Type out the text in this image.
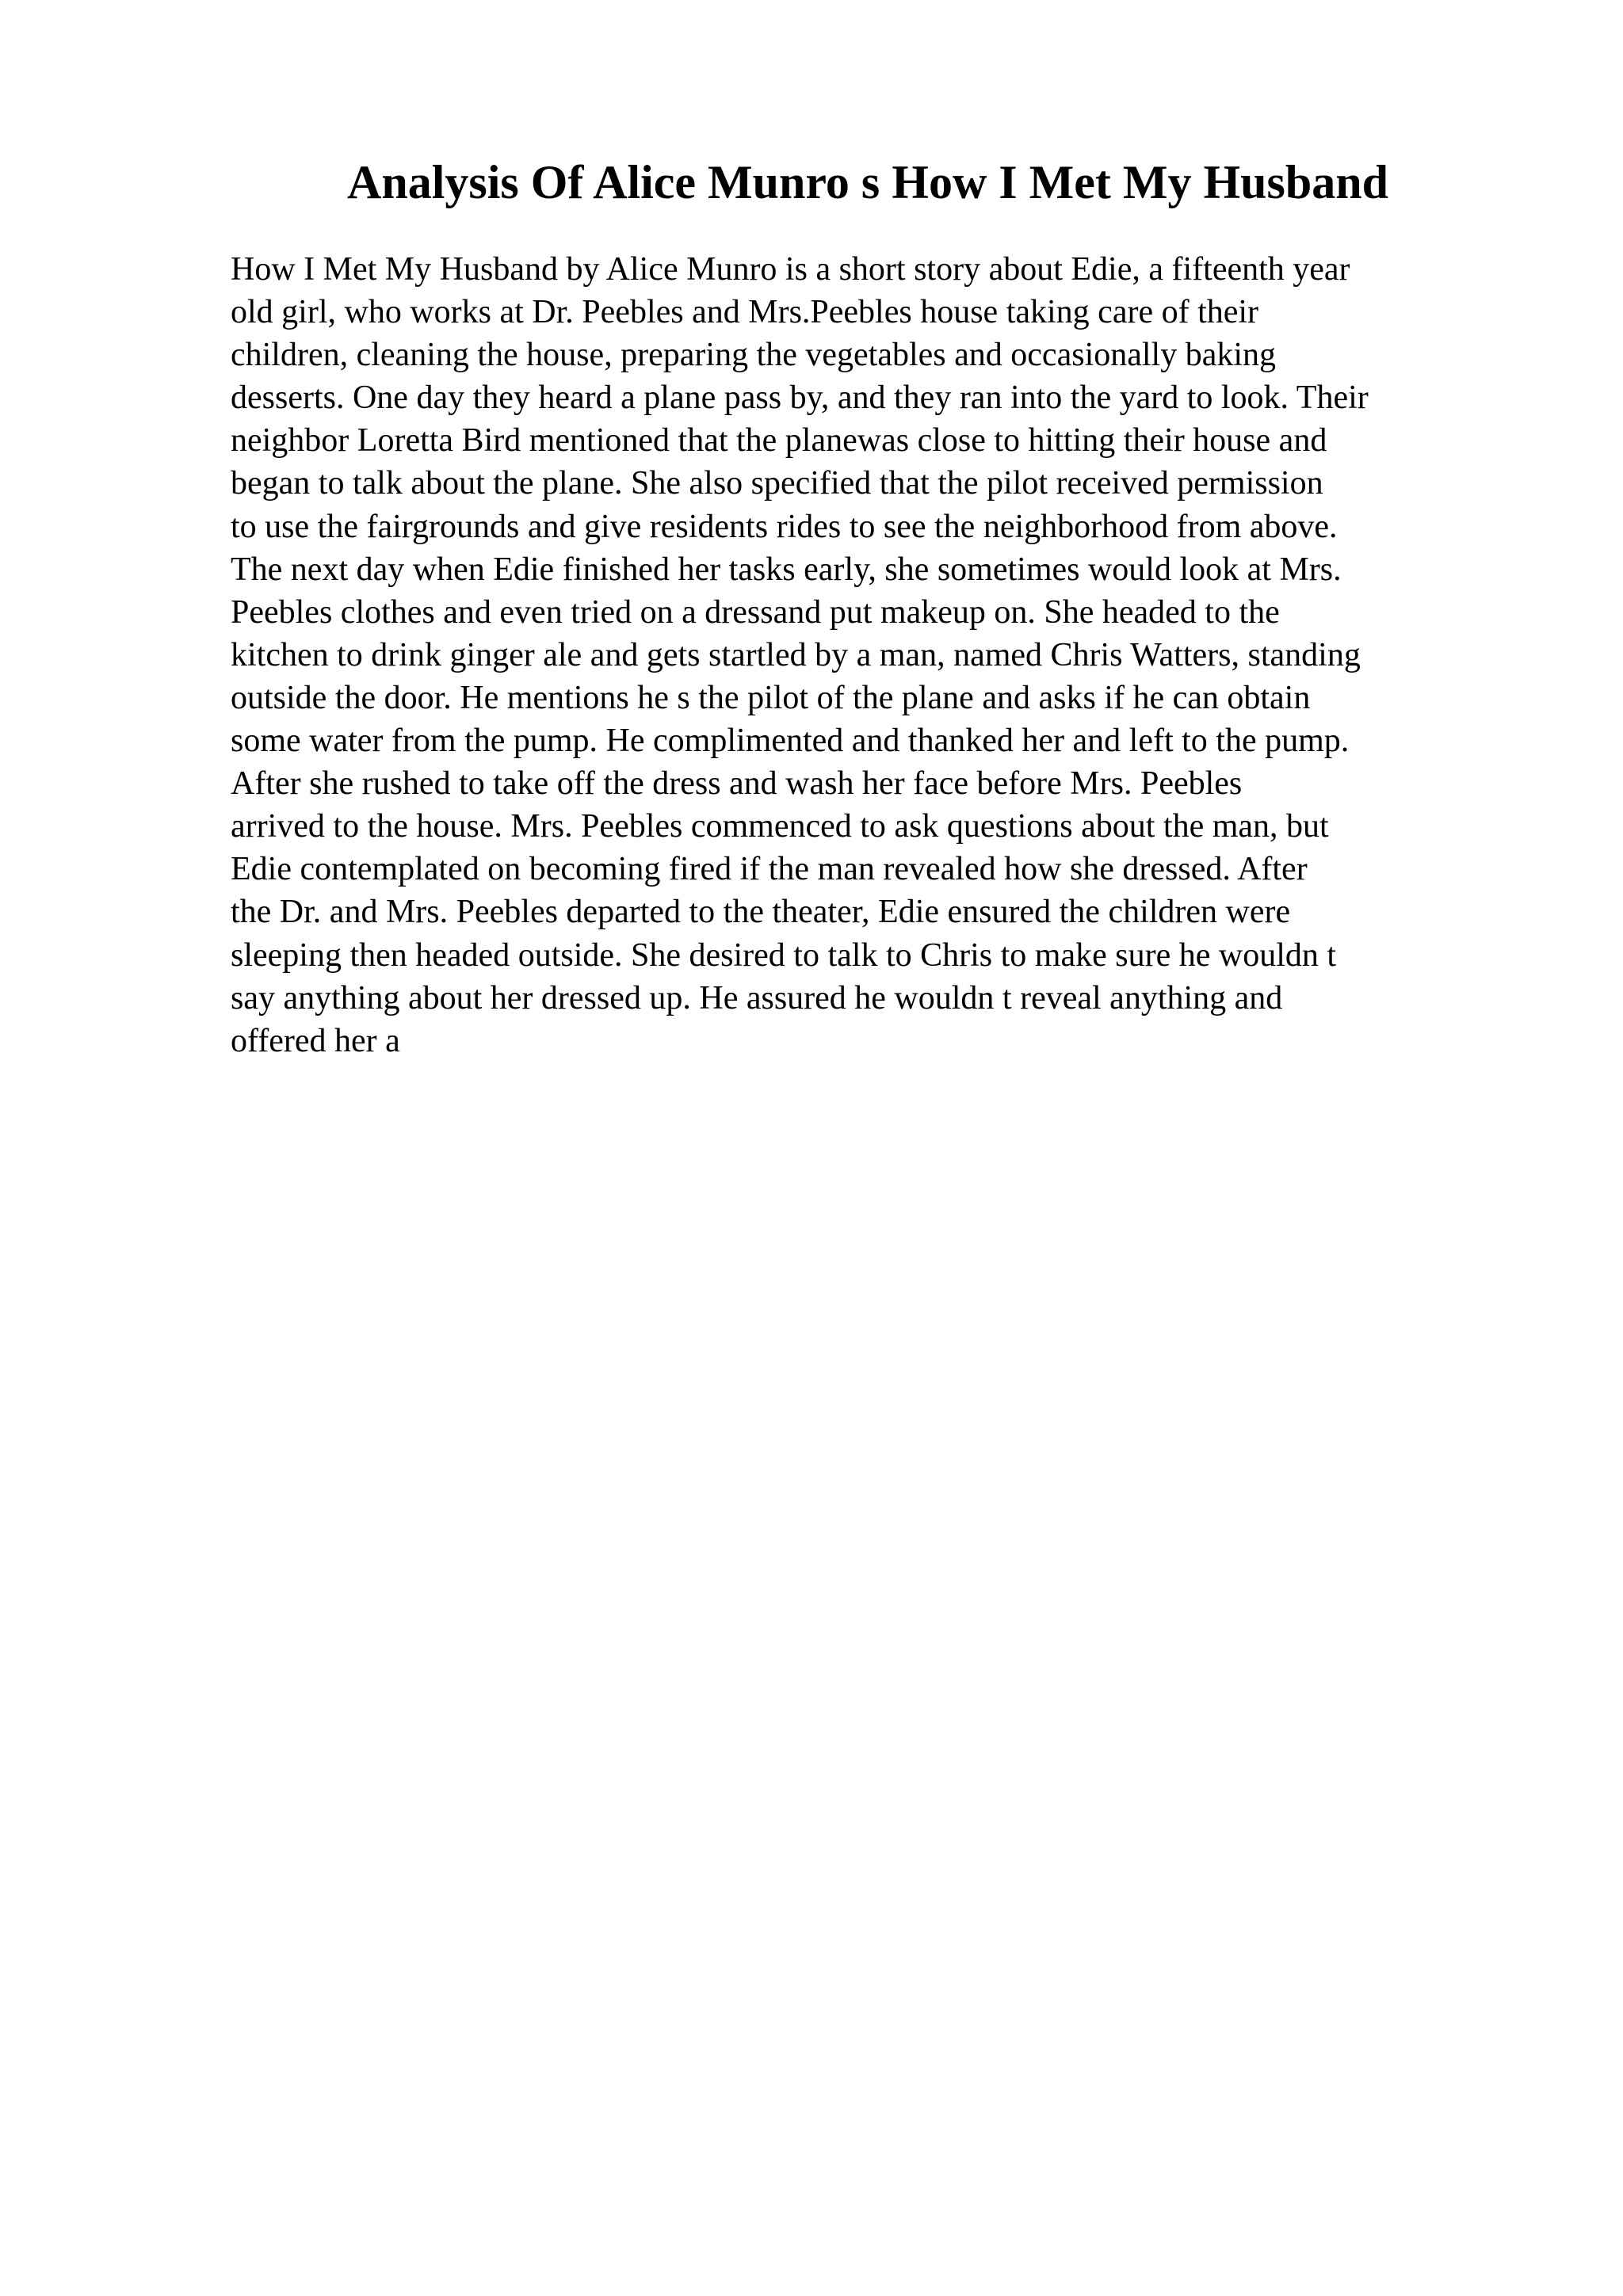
Analysis Of Alice Munro s How I Met My Husband
How I Met My Husband by Alice Munro is a short story about Edie, a fifteenth year
old girl, who works at Dr. Peebles and Mrs.Peebles house taking care of their
children, cleaning the house, preparing the vegetables and occasionally baking
desserts. One day they heard a plane pass by, and they ran into the yard to look. Their
neighbor Loretta Bird mentioned that the planewas close to hitting their house and
began to talk about the plane. She also specified that the pilot received permission
to use the fairgrounds and give residents rides to see the neighborhood from above.
The next day when Edie finished her tasks early, she sometimes would look at Mrs.
Peebles clothes and even tried on a dressand put makeup on. She headed to the
kitchen to drink ginger ale and gets startled by a man, named Chris Watters, standing
outside the door. He mentions he s the pilot of the plane and asks if he can obtain
some water from the pump. He complimented and thanked her and left to the pump.
After she rushed to take off the dress and wash her face before Mrs. Peebles
arrived to the house. Mrs. Peebles commenced to ask questions about the man, but
Edie contemplated on becoming fired if the man revealed how she dressed. After
the Dr. and Mrs. Peebles departed to the theater, Edie ensured the children were
sleeping then headed outside. She desired to talk to Chris to make sure he wouldn t
say anything about her dressed up. He assured he wouldn t reveal anything and
offered her a
